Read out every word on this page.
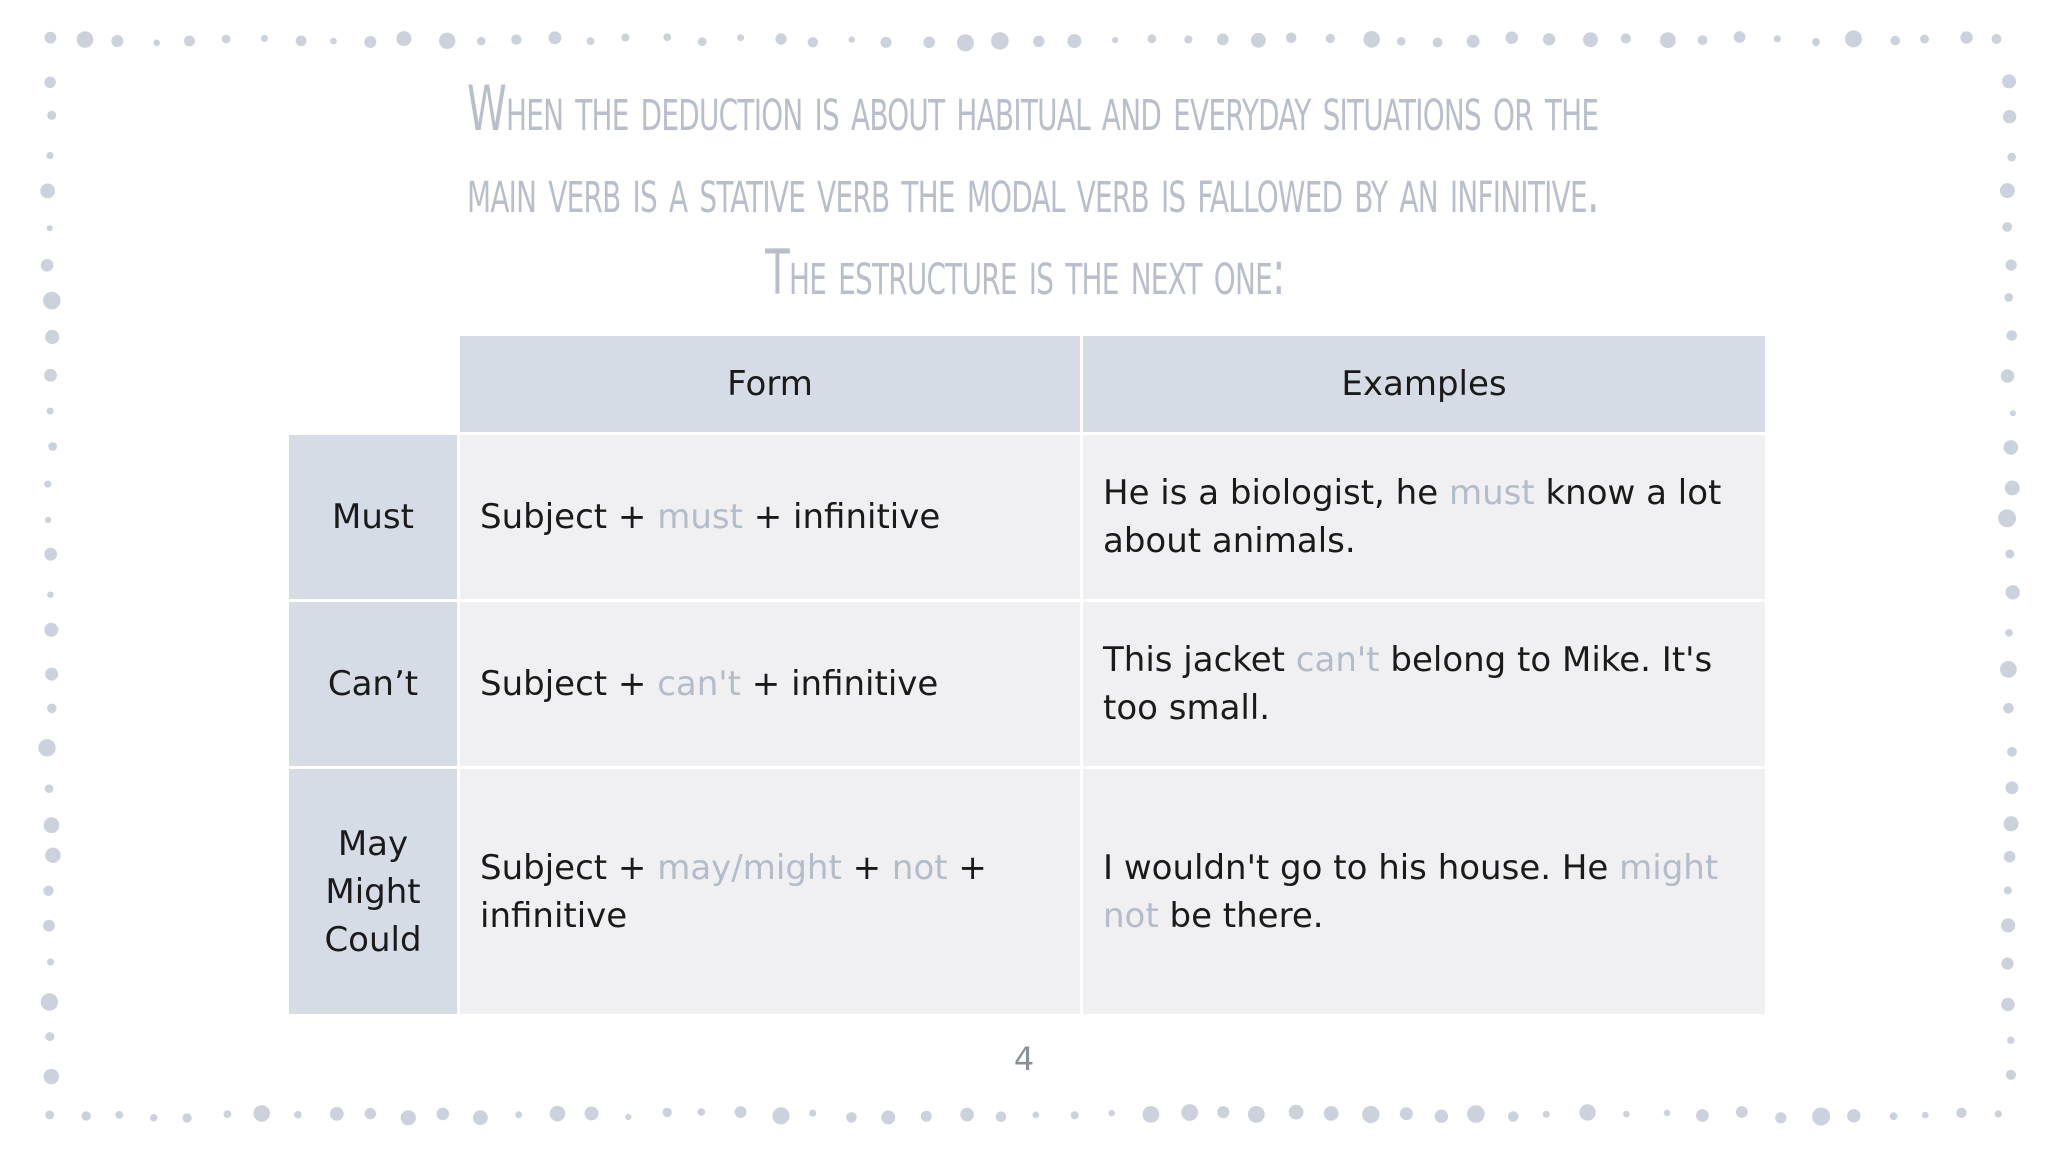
When the deduction is about habitual and everyday situations or the
main verb is a stative verb the modal verb is fallowed by an infinitive.
The estructure is the next one:
	Form	Examples
Must	Subject + must + infinitive	He is a biologist, he must know a lot about animals.
Can’t	Subject + can't + infinitive	This jacket can't belong to Mike. It's too small.
May
Might
Could	Subject + may/might + not + infinitive	I wouldn't go to his house. He might not be there.
4
